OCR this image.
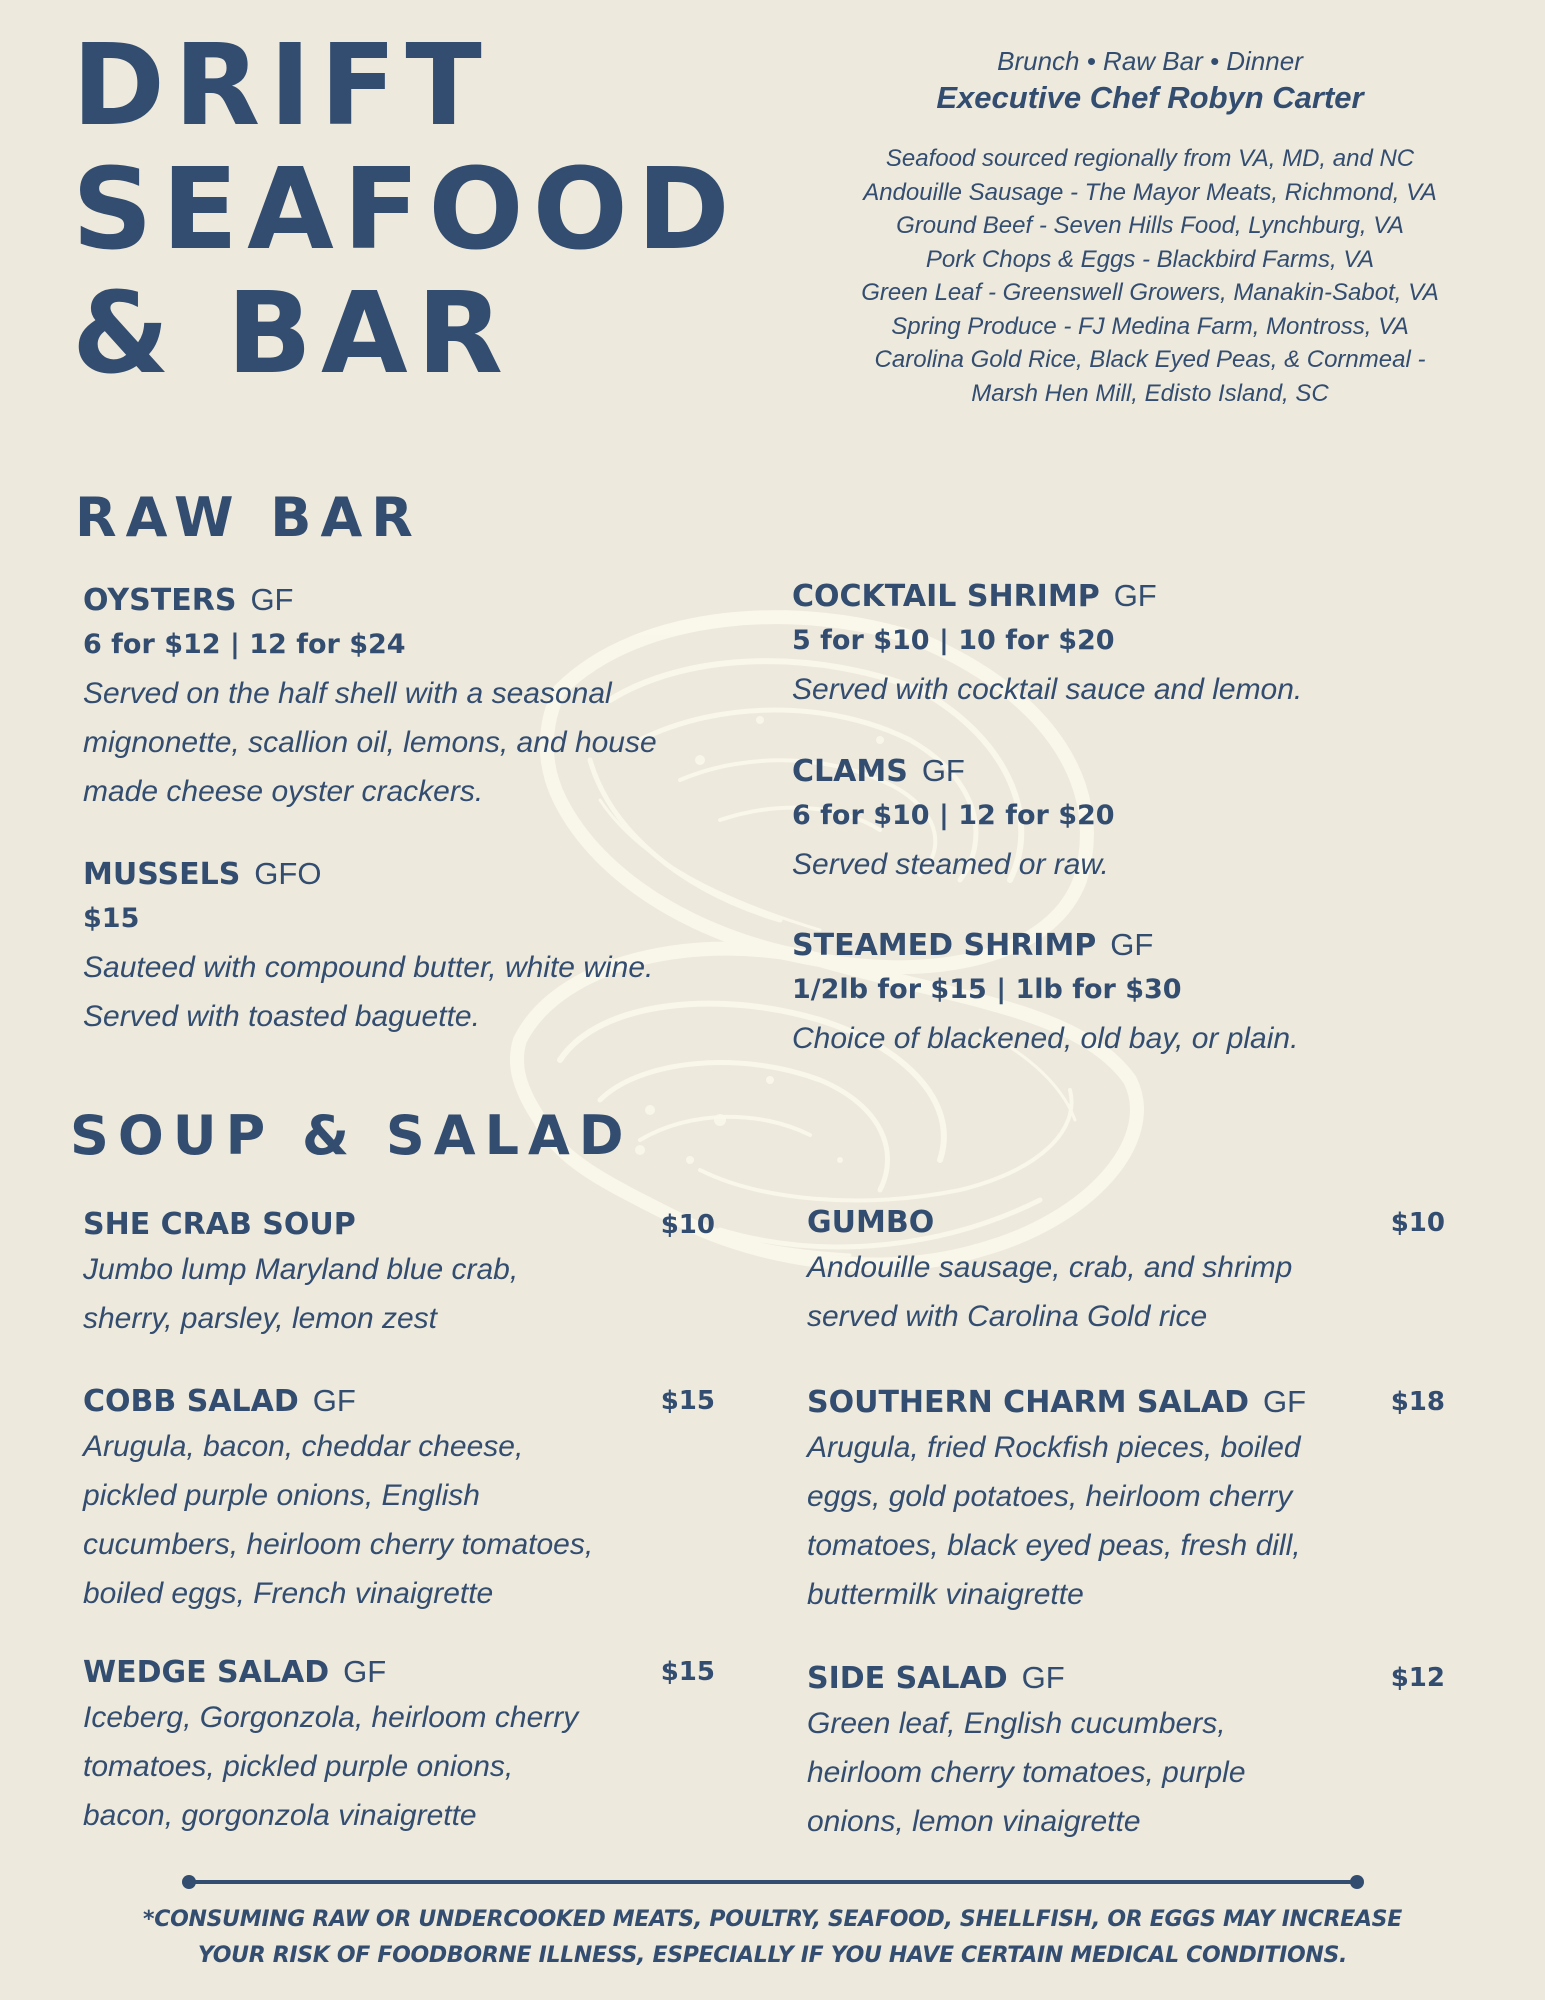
DRIFT
SEAFOOD
& BAR
Brunch • Raw Bar • Dinner
Executive Chef Robyn Carter
Seafood sourced regionally from VA, MD, and NC
Andouille Sausage - The Mayor Meats, Richmond, VA
Ground Beef - Seven Hills Food, Lynchburg, VA
Pork Chops & Eggs - Blackbird Farms, VA
Green Leaf - Greenswell Growers, Manakin-Sabot, VA
Spring Produce - FJ Medina Farm, Montross, VA
Carolina Gold Rice, Black Eyed Peas, & Cornmeal -
Marsh Hen Mill, Edisto Island, SC
RAW BAR
OYSTERS GF
6 for $12 | 12 for $24
Served on the half shell with a seasonal
mignonette, scallion oil, lemons, and house
made cheese oyster crackers.
MUSSELS GFO
$15
Sauteed with compound butter, white wine.
Served with toasted baguette.
COCKTAIL SHRIMP GF
5 for $10 | 10 for $20
Served with cocktail sauce and lemon.
CLAMS GF
6 for $10 | 12 for $20
Served steamed or raw.
STEAMED SHRIMP GF
1/2lb for $15 | 1lb for $30
Choice of blackened, old bay, or plain.
SOUP & SALAD
SHE CRAB SOUP	$10
Jumbo lump Maryland blue crab,
sherry, parsley, lemon zest
COBB SALAD GF	$15
Arugula, bacon, cheddar cheese,
pickled purple onions, English
cucumbers, heirloom cherry tomatoes,
boiled eggs, French vinaigrette
WEDGE SALAD GF	$15
Iceberg, Gorgonzola, heirloom cherry
tomatoes, pickled purple onions,
bacon, gorgonzola vinaigrette
GUMBO	$10
Andouille sausage, crab, and shrimp
served with Carolina Gold rice
SOUTHERN CHARM SALAD GF	$18
Arugula, fried Rockfish pieces, boiled
eggs, gold potatoes, heirloom cherry
tomatoes, black eyed peas, fresh dill,
buttermilk vinaigrette
SIDE SALAD GF	$12
Green leaf, English cucumbers,
heirloom cherry tomatoes, purple
onions, lemon vinaigrette
*CONSUMING RAW OR UNDERCOOKED MEATS, POULTRY, SEAFOOD, SHELLFISH, OR EGGS MAY INCREASE
YOUR RISK OF FOODBORNE ILLNESS, ESPECIALLY IF YOU HAVE CERTAIN MEDICAL CONDITIONS.
